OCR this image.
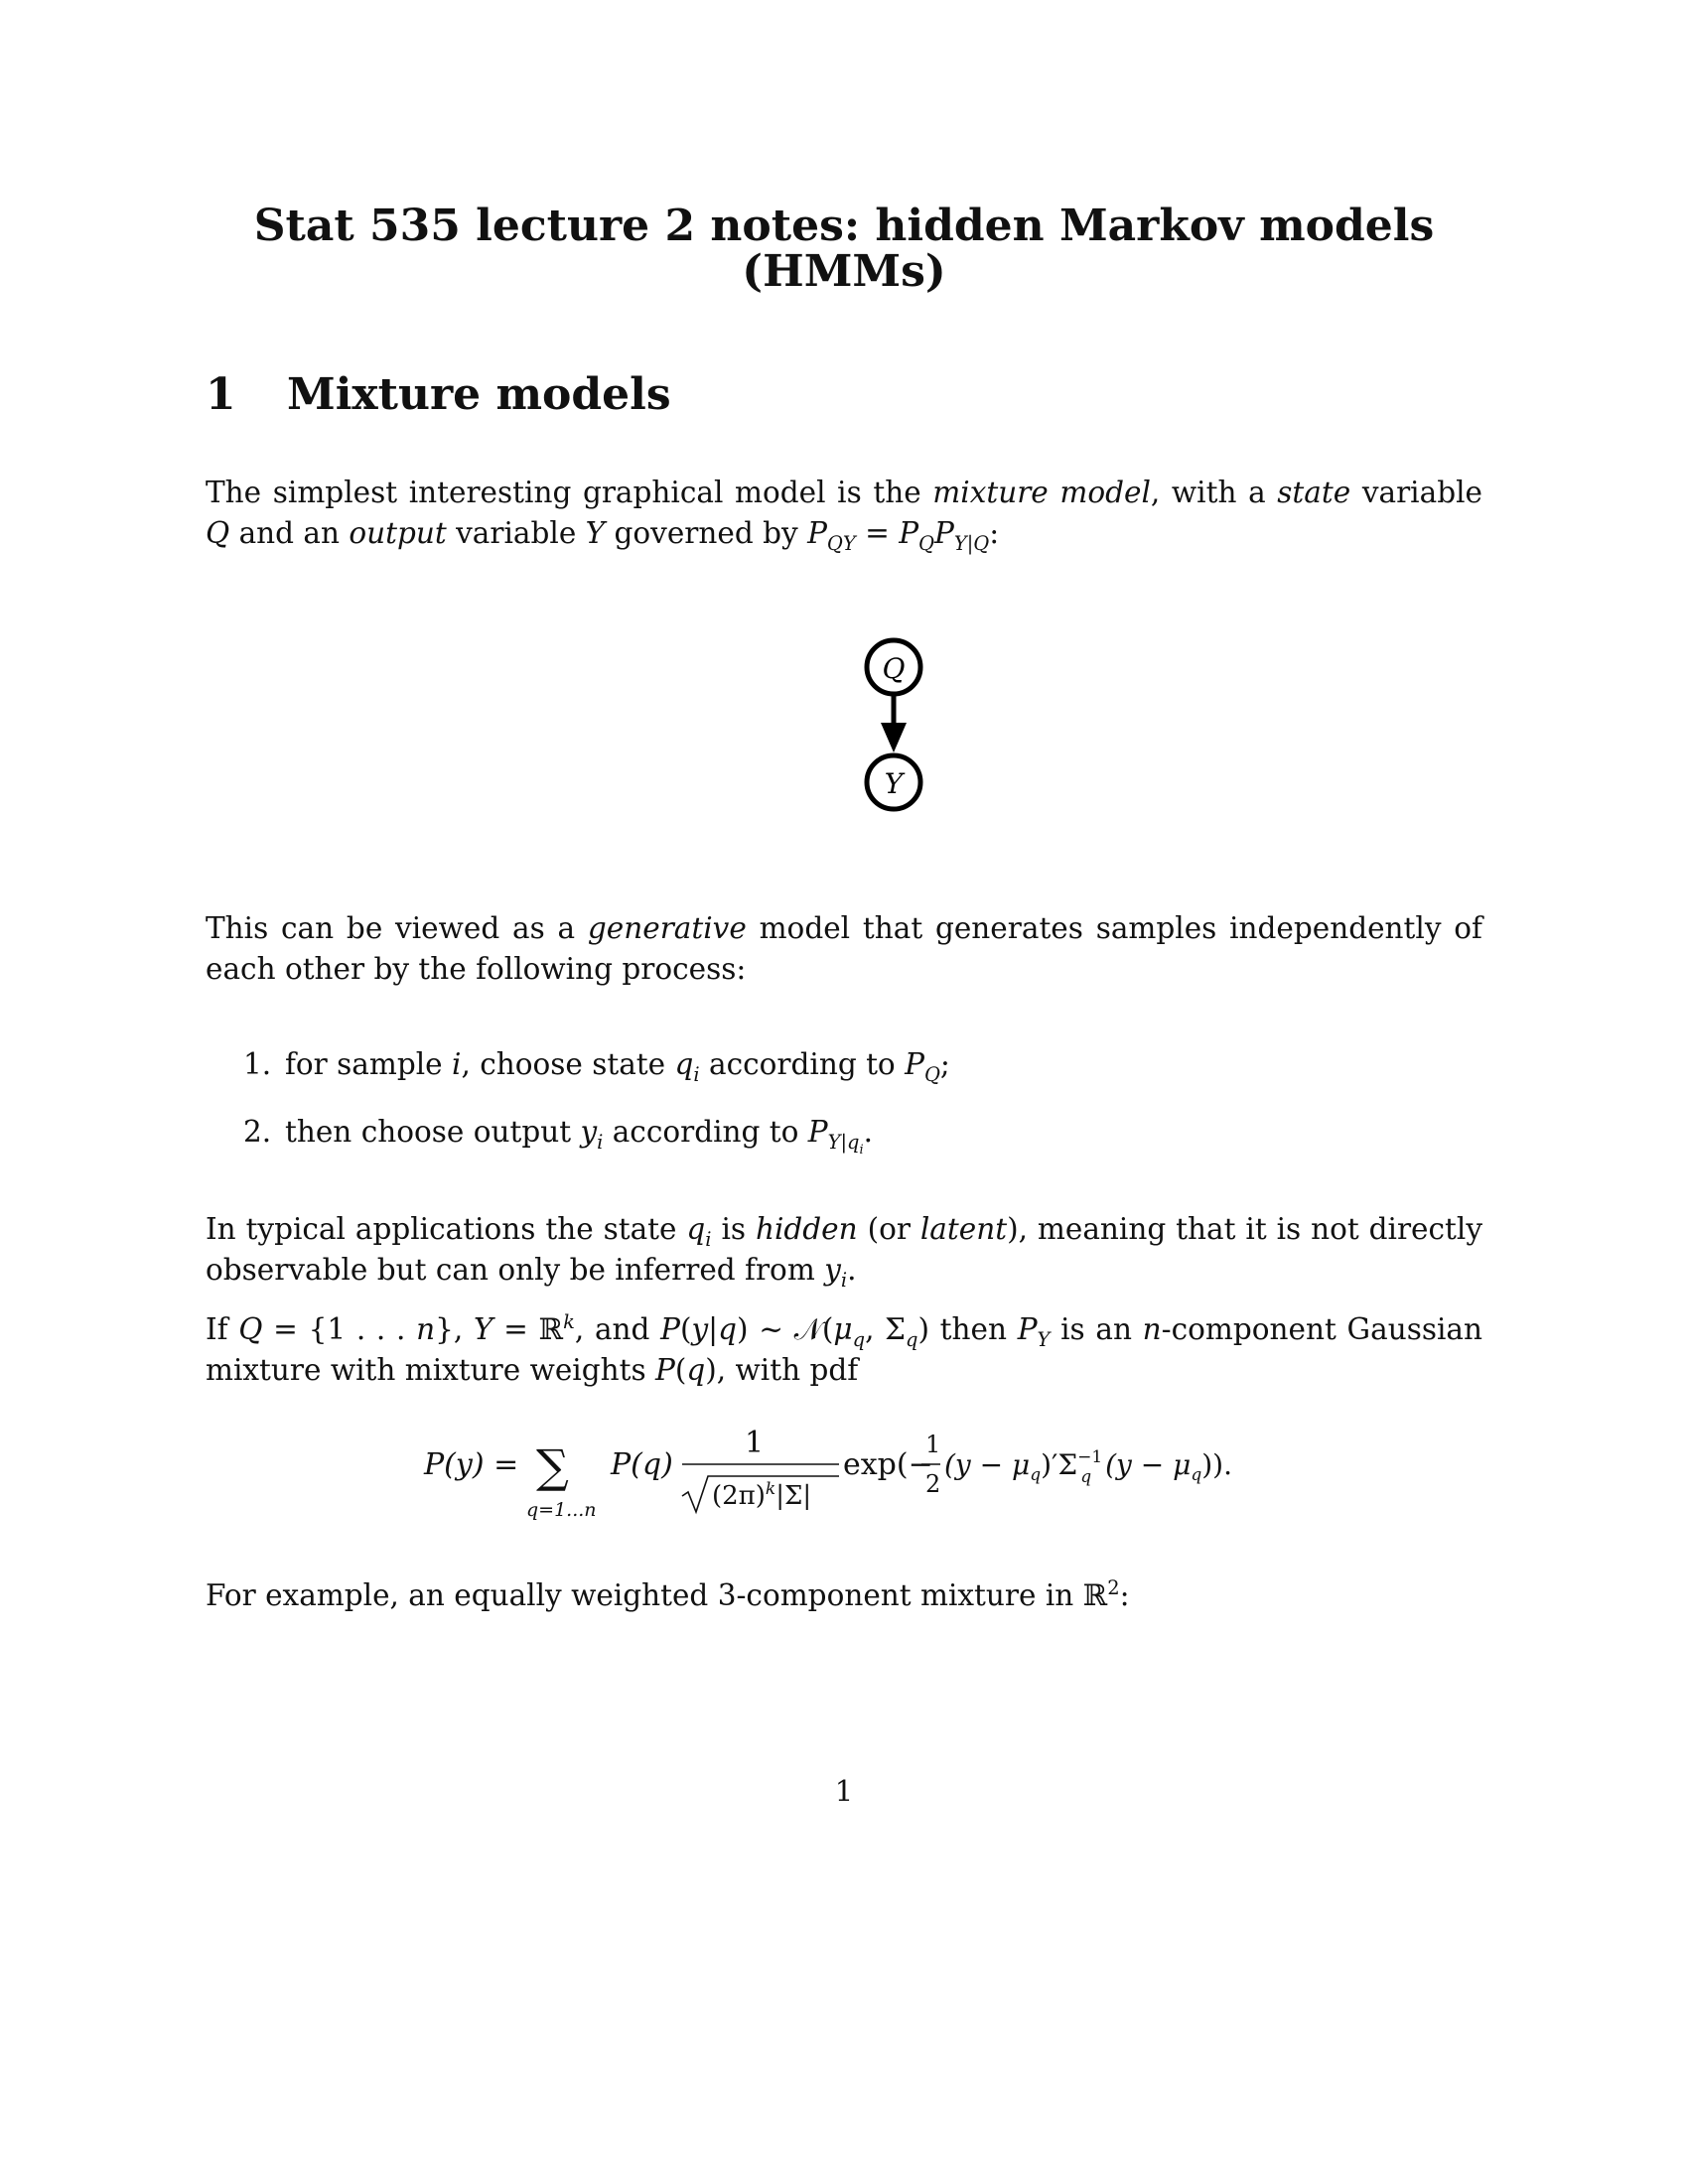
Stat 535 lecture 2 notes: hidden Markov models
(HMMs)
1 Mixture models
The simplest interesting graphical model is the mixture model, with a state variable Q and an output variable Y governed by $P_{QY} = P_QP_{Y|Q}$:
Q
Y
This can be viewed as a generative model that generates samples independently of each other by the following process:
1. for sample i, choose state $q_i$ according to $P_Q$;
2. then choose output $y_i$ according to $P_{Y|q_i}$.
In typical applications the state $q_i$ is hidden (or latent), meaning that it is not directly observable but can only be inferred from $y_i$.
If Q = {1 . . . n}, Y = ℝ$^k$, and P(y|q) ∼ $𝒩(\mu_q$, $\Sigma_q$) then $P_Y$ is an n-component Gaussian mixture with mixture weights P(q), with pdf
P(y) = ∑
q=1...n
P(q)
1
$(2\pi)^k|\Sigma|$
exp(−
1
2
$(y - \mu_q)'\Sigma^{-1}$ q $(y - \mu_q)$).
For example, an equally weighted 3-component mixture in ℝ$^2$:
1
